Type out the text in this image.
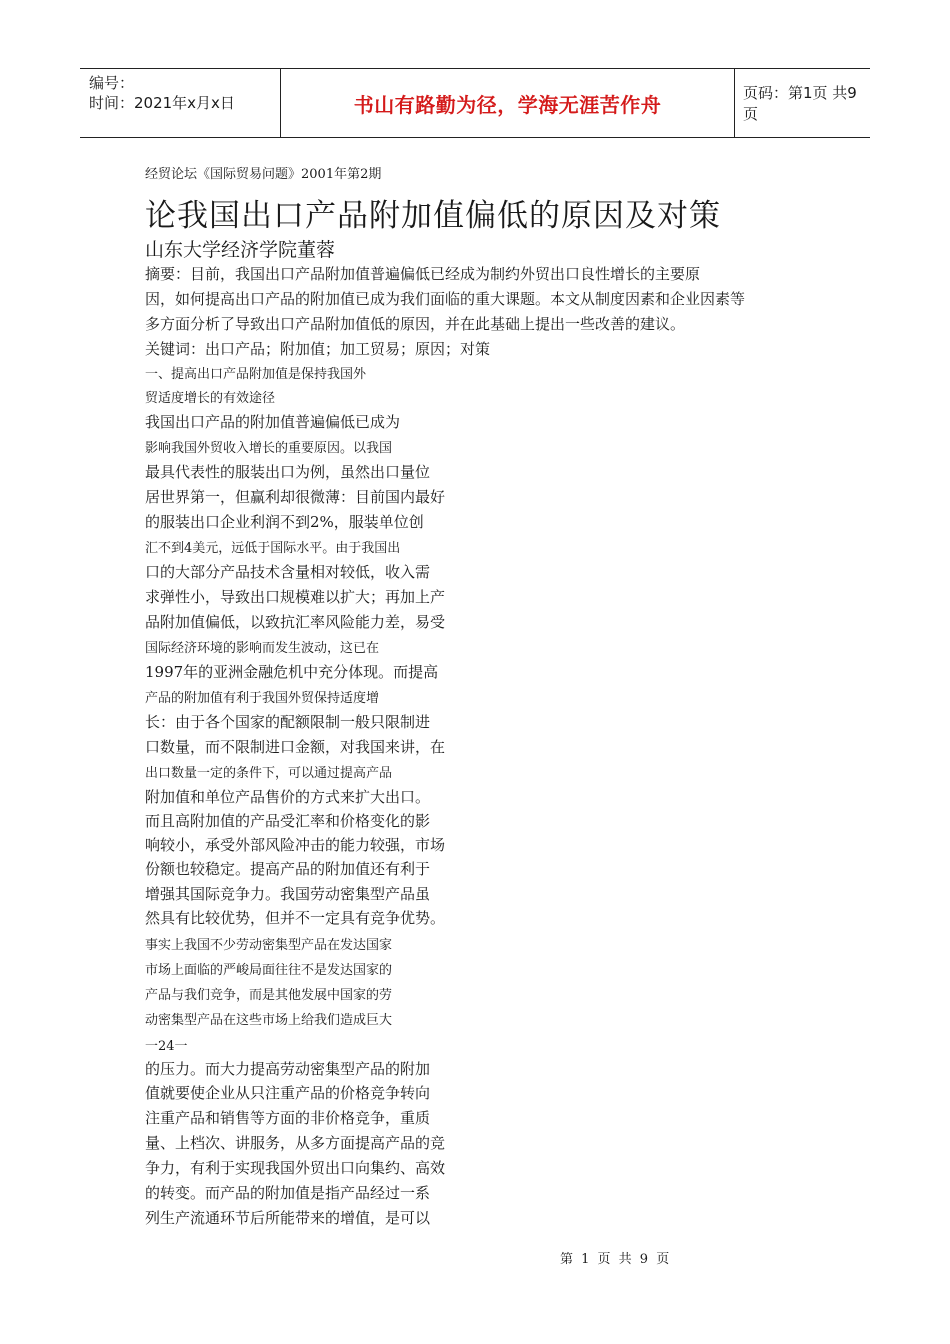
编号：
时间：2021年x月x日	书山有路勤为径，学海无涯苦作舟	页码：第1页 共9页
经贸论坛《国际贸易问题》2001年第2期
论我国出口产品附加值偏低的原因及对策
山东大学经济学院董蓉
摘要：目前，我国出口产品附加值普遍偏低已经成为制约外贸出口良性增长的主要原
因，如何提高出口产品的附加值已成为我们面临的重大课题。本文从制度因素和企业因素等
多方面分析了导致出口产品附加值低的原因，并在此基础上提出一些改善的建议。
关键词：出口产品；附加值；加工贸易；原因；对策
一、提高出口产品附加值是保持我国外
贸适度增长的有效途径
我国出口产品的附加值普遍偏低已成为
影响我国外贸收入增长的重要原因。以我国
最具代表性的服装出口为例，虽然出口量位
居世界第一，但赢利却很微薄：目前国内最好
的服装出口企业利润不到2%，服装单位创
汇不到4美元，远低于国际水平。由于我国出
口的大部分产品技术含量相对较低，收入需
求弹性小，导致出口规模难以扩大；再加上产
品附加值偏低，以致抗汇率风险能力差，易受
国际经济环境的影响而发生波动，这已在
1997年的亚洲金融危机中充分体现。而提高
产品的附加值有利于我国外贸保持适度增
长：由于各个国家的配额限制一般只限制进
口数量，而不限制进口金额，对我国来讲，在
出口数量一定的条件下，可以通过提高产品
附加值和单位产品售价的方式来扩大出口。
而且高附加值的产品受汇率和价格变化的影
响较小，承受外部风险冲击的能力较强，市场
份额也较稳定。提高产品的附加值还有利于
增强其国际竞争力。我国劳动密集型产品虽
然具有比较优势，但并不一定具有竞争优势。
事实上我国不少劳动密集型产品在发达国家
市场上面临的严峻局面往往不是发达国家的
产品与我们竞争，而是其他发展中国家的劳
动密集型产品在这些市场上给我们造成巨大
一24一
的压力。而大力提高劳动密集型产品的附加
值就要使企业从只注重产品的价格竞争转向
注重产品和销售等方面的非价格竞争，重质
量、上档次、讲服务，从多方面提高产品的竞
争力，有利于实现我国外贸出口向集约、高效
的转变。而产品的附加值是指产品经过一系
列生产流通环节后所能带来的增值，是可以
第 1 页 共 9 页
